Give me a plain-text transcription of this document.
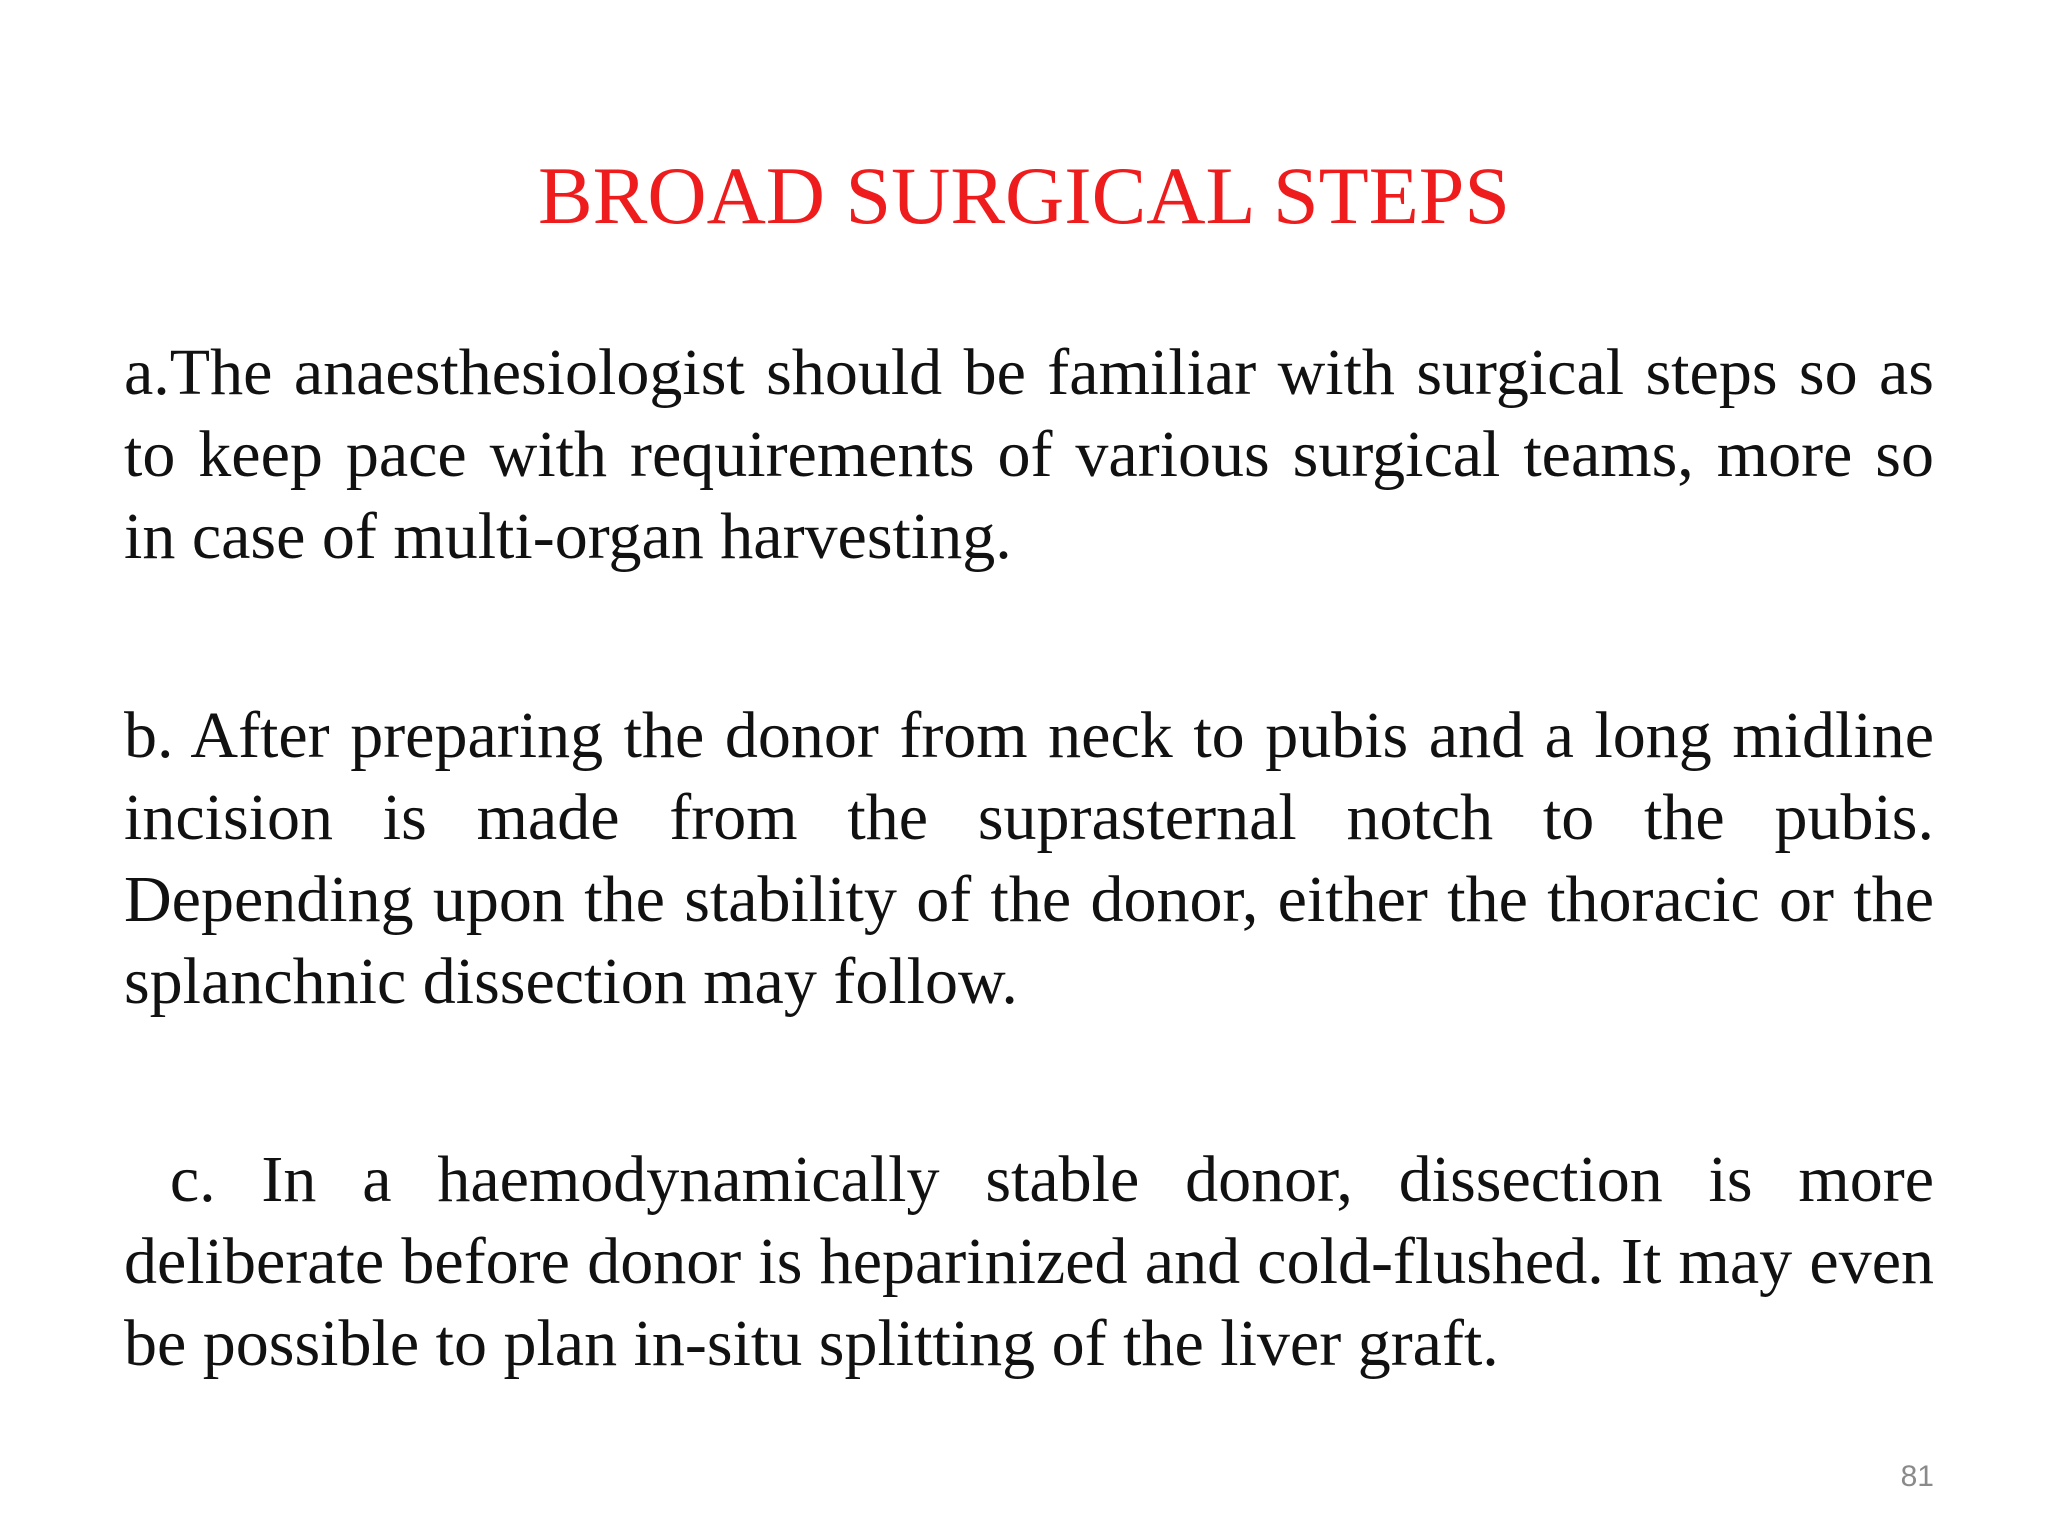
BROAD SURGICAL STEPS

a.The anaesthesiologist should be familiar with surgical steps so as to keep pace with requirements of various surgical teams, more so in case of multi-organ harvesting.

b. After preparing the donor from neck to pubis and a long midline incision is made from the suprasternal notch to the pubis. Depending upon the stability of the donor, either the thoracic or the splanchnic dissection may follow.

c. In a haemodynamically stable donor, dissection is more deliberate before donor is heparinized and cold-flushed. It may even be possible to plan in-situ splitting of the liver graft.

81
